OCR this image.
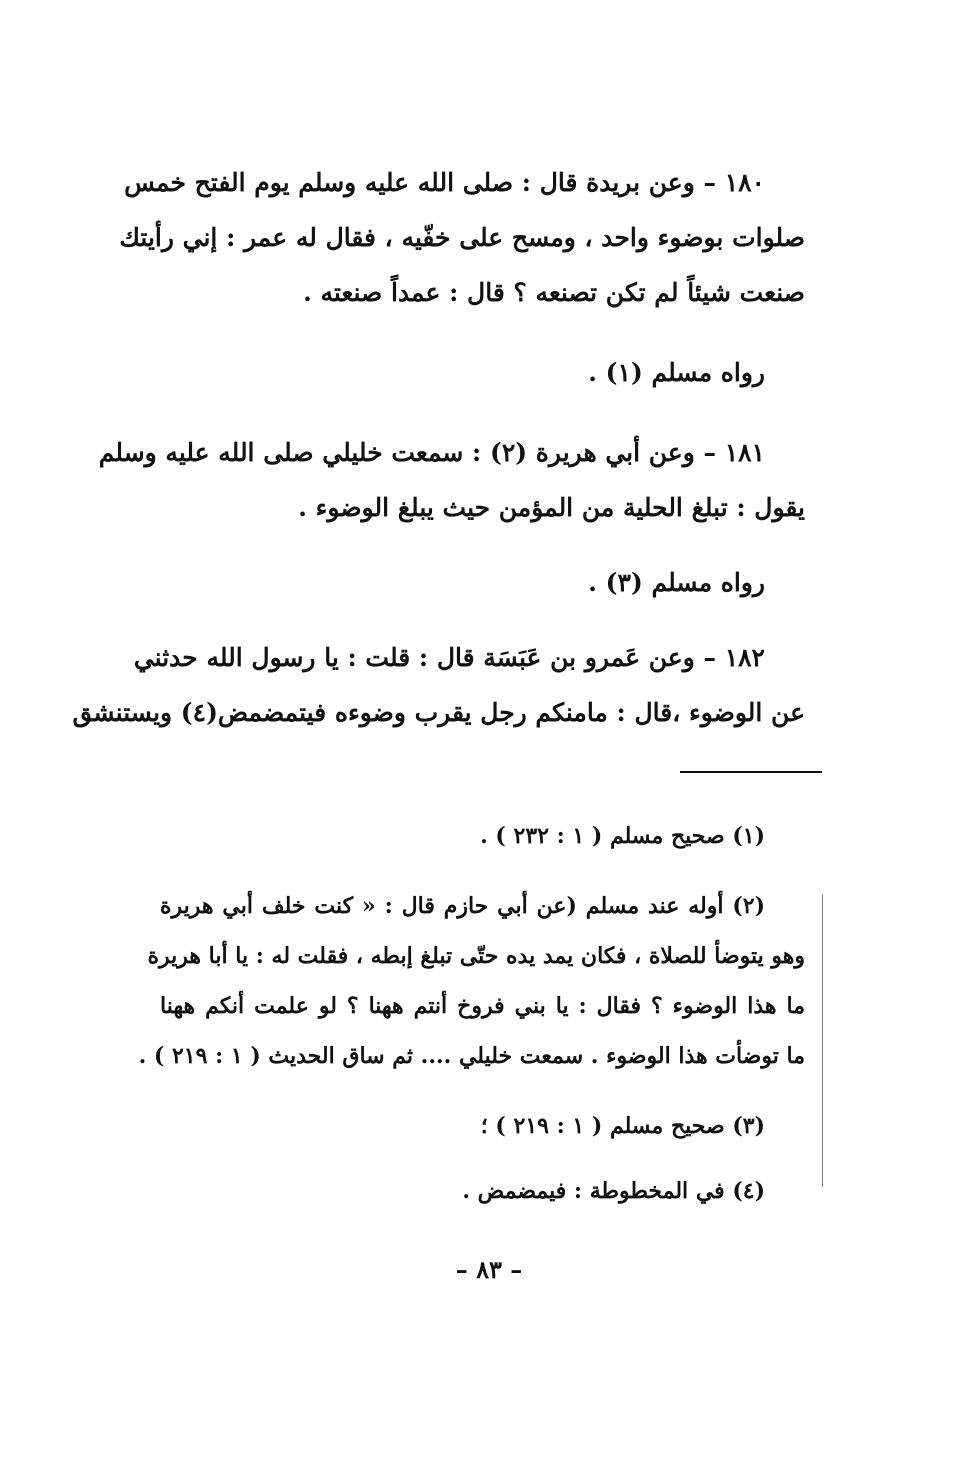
١٨٠ – وعن بريدة قال : صلى الله عليه وسلم يوم الفتح خمس
صلوات بوضوء واحد ، ومسح على خفّيه ، فقال له عمر : إني رأيتك
صنعت شيئاً لم تكن تصنعه ؟ قال : عمداً صنعته .
رواه مسلم (١) .
١٨١ – وعن أبي هريرة (٢) : سمعت خليلي صلى الله عليه وسلم
يقول : تبلغ الحلية من المؤمن حيث يبلغ الوضوء .
رواه مسلم (٣) .
١٨٢ – وعن عَمرو بن عَبَسَة قال : قلت : يا رسول الله حدثني
عن الوضوء ،قال : مامنكم رجل يقرب وضوءه فيتمضمض(٤) ويستنشق
(١) صحيح مسلم ( ١ : ٢٣٢ ) .
(٢) أوله عند مسلم (عن أبي حازم قال : « كنت خلف أبي هريرة
وهو يتوضأ للصلاة ، فكان يمد يده حتّى تبلغ إبطه ، فقلت له : يا أبا هريرة
ما هذا الوضوء ؟ فقال : يا بني فروخ أنتم ههنا ؟ لو علمت أنكم ههنا
ما توضأت هذا الوضوء . سمعت خليلي .... ثم ساق الحديث ( ١ : ٢١٩ ) .
(٣) صحيح مسلم ( ١ : ٢١٩ ) ؛
(٤) في المخطوطة : فيمضمض .
– ٨٣ –
